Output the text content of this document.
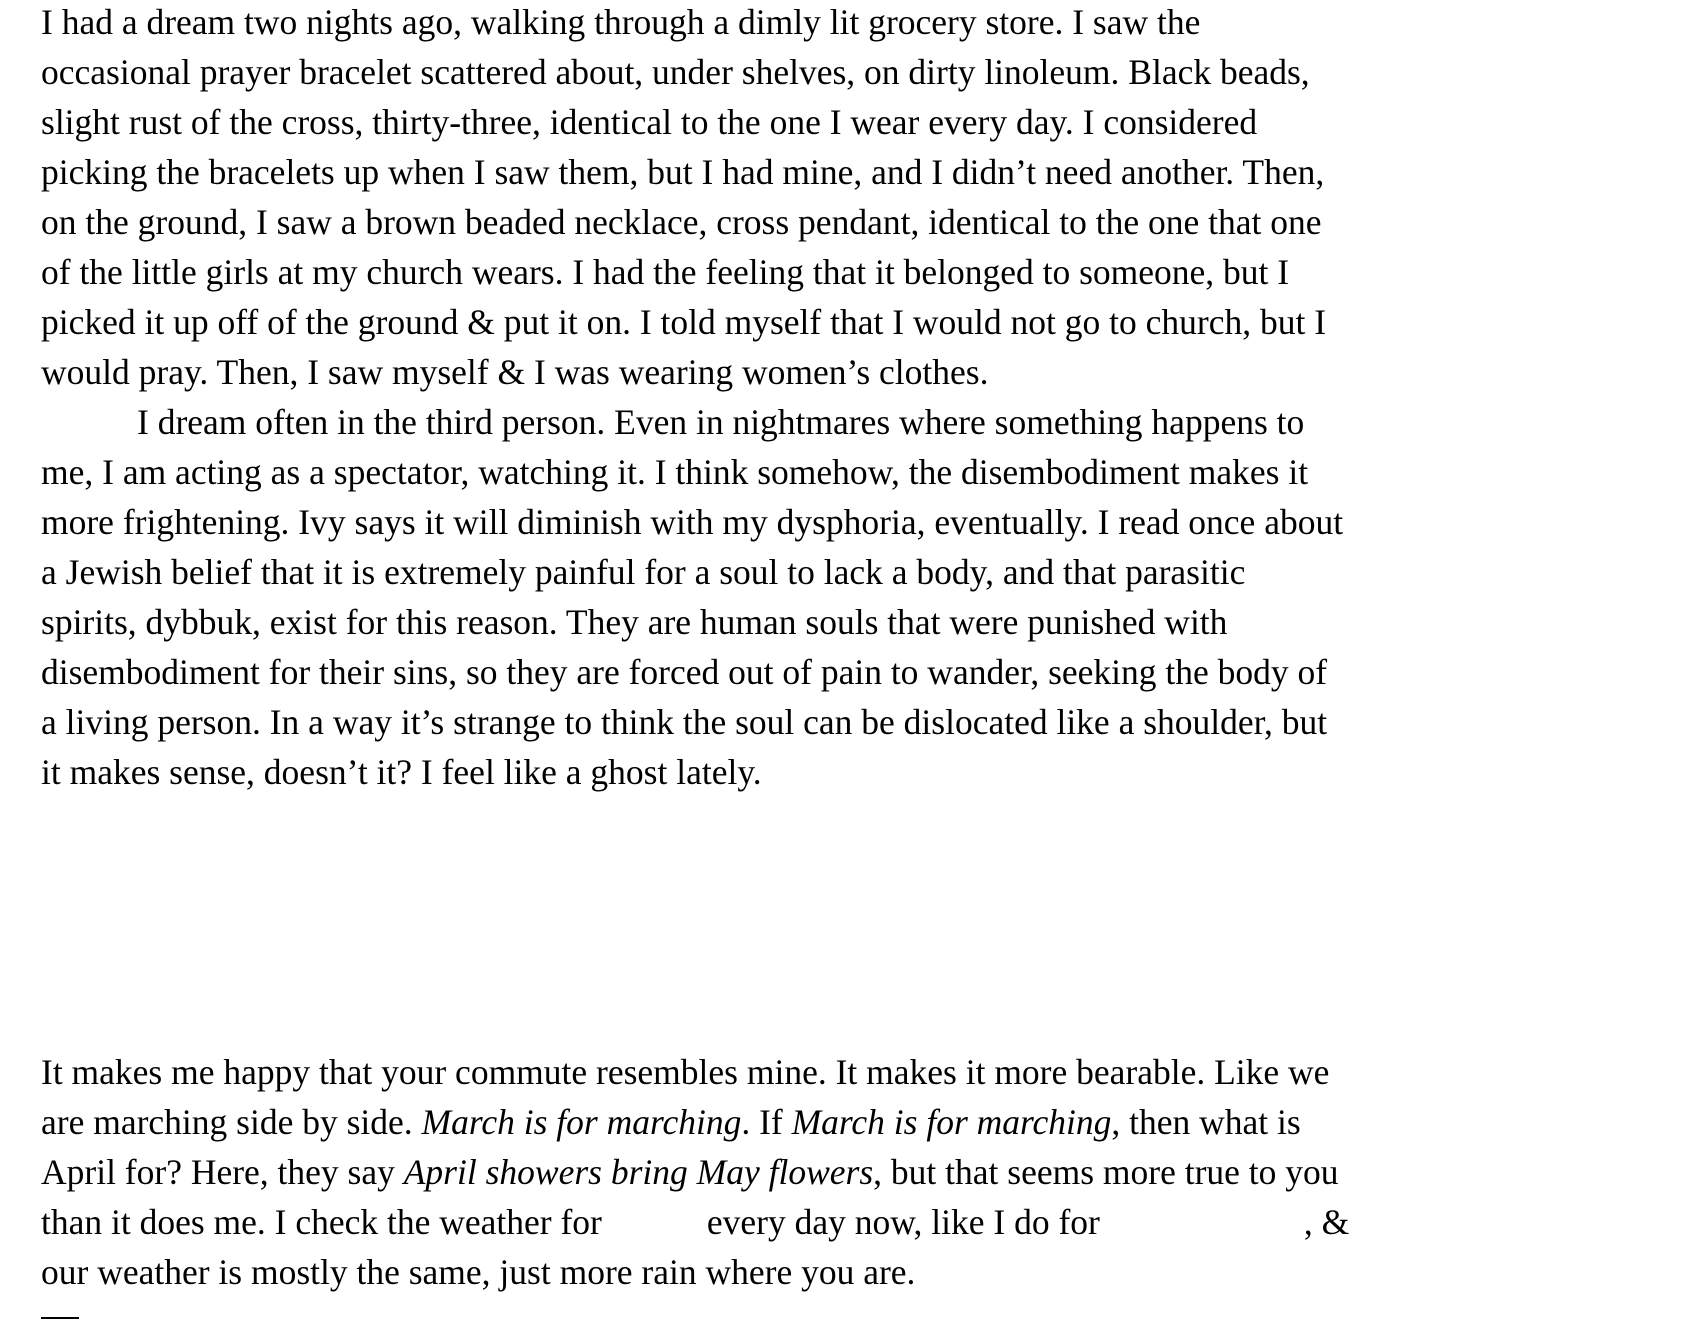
I had a dream two nights ago, walking through a dimly lit grocery store. I saw the
occasional prayer bracelet scattered about, under shelves, on dirty linoleum. Black beads,
slight rust of the cross, thirty-three, identical to the one I wear every day. I considered
picking the bracelets up when I saw them, but I had mine, and I didn’t need another. Then,
on the ground, I saw a brown beaded necklace, cross pendant, identical to the one that one
of the little girls at my church wears. I had the feeling that it belonged to someone, but I
picked it up off of the ground & put it on. I told myself that I would not go to church, but I
would pray. Then, I saw myself & I was wearing women’s clothes.
I dream often in the third person. Even in nightmares where something happens to
me, I am acting as a spectator, watching it. I think somehow, the disembodiment makes it
more frightening. Ivy says it will diminish with my dysphoria, eventually. I read once about
a Jewish belief that it is extremely painful for a soul to lack a body, and that parasitic
spirits, dybbuk, exist for this reason. They are human souls that were punished with
disembodiment for their sins, so they are forced out of pain to wander, seeking the body of
a living person. In a way it’s strange to think the soul can be dislocated like a shoulder, but
it makes sense, doesn’t it? I feel like a ghost lately.
It makes me happy that your commute resembles mine. It makes it more bearable. Like we
are marching side by side. March is for marching. If March is for marching, then what is
April for? Here, they say April showers bring May flowers, but that seems more true to you
than it does me. I check the weather for	every day now, like I do for	, &
our weather is mostly the same, just more rain where you are.
